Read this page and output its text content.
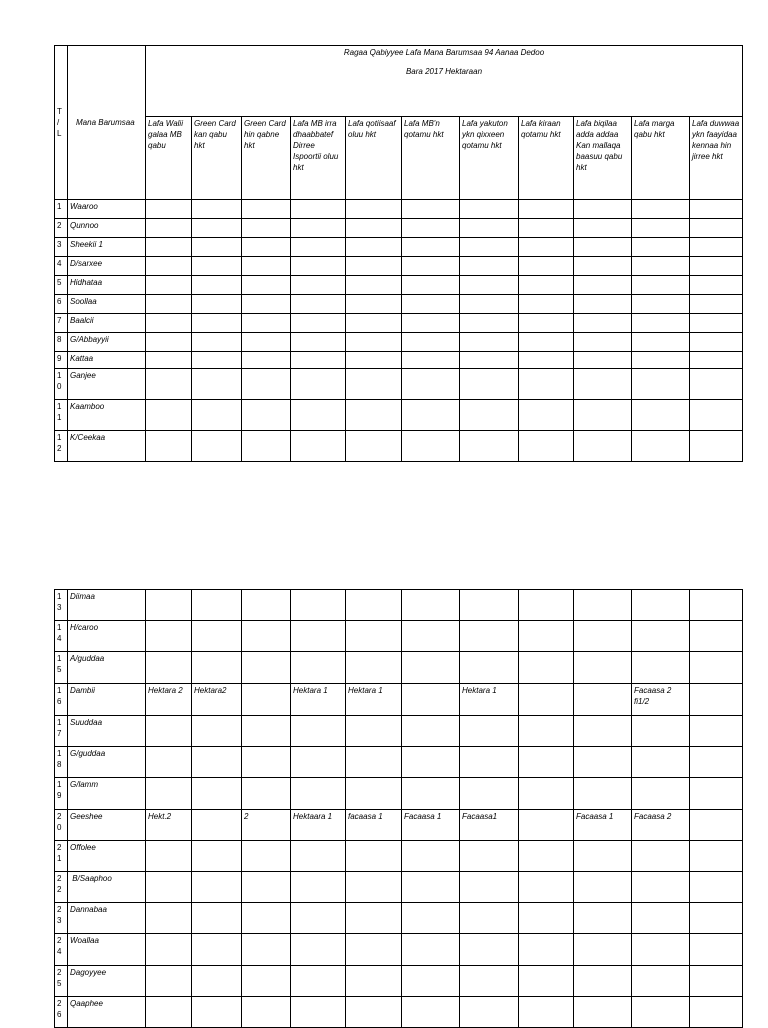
T
/
L	Mana Barumsaa	Ragaa Qabiyyee Lafa Mana Barumsaa 94 Aanaa Dedoo
Bara 2017 Hektaraan										

		Lafa Walii galaa MB qabu	Green Card kan qabu hkt	Green Card hin qabne hkt	Lafa MB irra dhaabbatef Dirree Ispoortii oluu hkt	Lafa qotiisaaf oluu hkt	Lafa MB'n qotamu hkt	Lafa yakuton ykn qixxeen qotamu hkt	Lafa kiraan qotamu hkt	Lafa biqilaa adda addaa Kan mallaqa baasuu qabu hkt	Lafa marga qabu hkt	Lafa duwwaa ykn faayidaa kennaa hin jirree hkt

1	Waaroo											

2	Qunnoo											

3	Sheekii 1											

4	D/sarxee											

5	Hidhataa											

6	Soollaa											

7	Baalcii											

8	G/Abbayyii											

9	Kattaa											

1
0	Ganjee											

1
1	Kaamboo											

1
2	K/Ceekaa											
1
3	Diimaa											

1
4	H/caroo											

1
5	A/guddaa											

1
6	Dambii	Hektara 2	Hektara2		Hektara 1	Hektara 1		Hektara 1			Facaasa 2 fi1/2	

1
7	Suuddaa											

1
8	G/guddaa											

1
9	G/lamm											

2
0	Geeshee	Hekt.2		2	Hektaara 1	facaasa 1	Facaasa 1	Facaasa1		Facaasa 1	Facaasa 2	

2
1	Offolee											

2
2	B/Saaphoo											

2
3	Dannabaa											

2
4	Woallaa											

2
5	Dagoyyee											

2
6	Qaaphee											
